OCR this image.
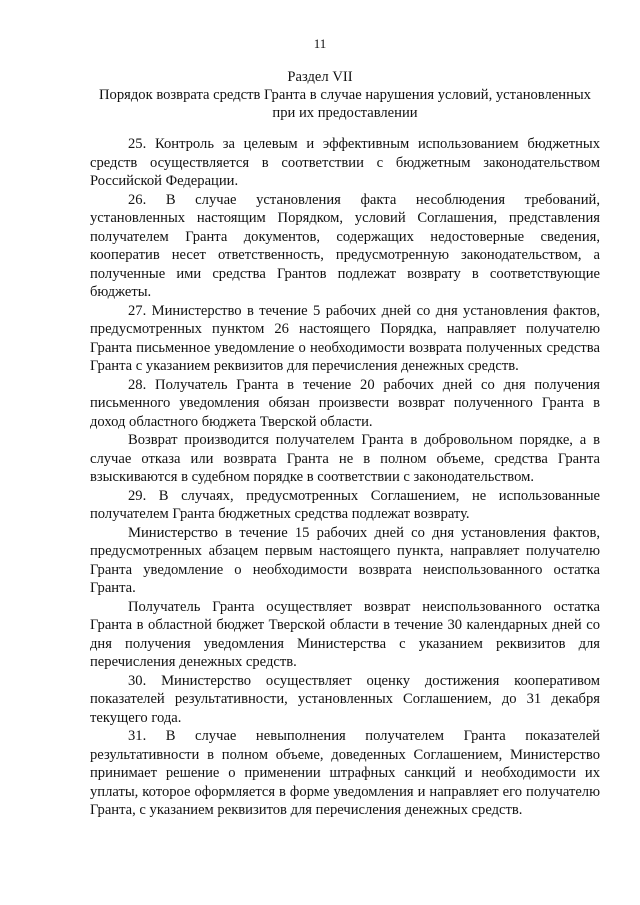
11
Раздел VII
Порядок возврата средств Гранта в случае нарушения условий, установленных при их предоставлении

25. Контроль за целевым и эффективным использованием бюджетных средств осуществляется в соответствии с бюджетным законодательством Российской Федерации.

26. В случае установления факта несоблюдения требований, установленных настоящим Порядком, условий Соглашения, представления получателем Гранта документов, содержащих недостоверные сведения, кооператив несет ответственность, предусмотренную законодательством, а полученные ими средства Грантов подлежат возврату в соответствующие бюджеты.

27. Министерство в течение 5 рабочих дней со дня установления фактов, предусмотренных пунктом 26 настоящего Порядка, направляет получателю Гранта письменное уведомление о необходимости возврата полученных средства Гранта с указанием реквизитов для перечисления денежных средств.

28. Получатель Гранта в течение 20 рабочих дней со дня получения письменного уведомления обязан произвести возврат полученного Гранта в доход областного бюджета Тверской области.

Возврат производится получателем Гранта в добровольном порядке, а в случае отказа или возврата Гранта не в полном объеме, средства Гранта взыскиваются в судебном порядке в соответствии с законодательством.

29. В случаях, предусмотренных Соглашением, не использованные получателем Гранта бюджетных средства подлежат возврату.

Министерство в течение 15 рабочих дней со дня установления фактов, предусмотренных абзацем первым настоящего пункта, направляет получателю Гранта уведомление о необходимости возврата неиспользованного остатка Гранта.

Получатель Гранта осуществляет возврат неиспользованного остатка Гранта в областной бюджет Тверской области в течение 30 календарных дней со дня получения уведомления Министерства с указанием реквизитов для перечисления денежных средств.

30. Министерство осуществляет оценку достижения кооперативом показателей результативности, установленных Соглашением, до 31 декабря текущего года.

31. В случае невыполнения получателем Гранта показателей результативности в полном объеме, доведенных Соглашением, Министерство принимает решение о применении штрафных санкций и необходимости их уплаты, которое оформляется в форме уведомления и направляет его получателю Гранта, с указанием реквизитов для перечисления денежных средств.
